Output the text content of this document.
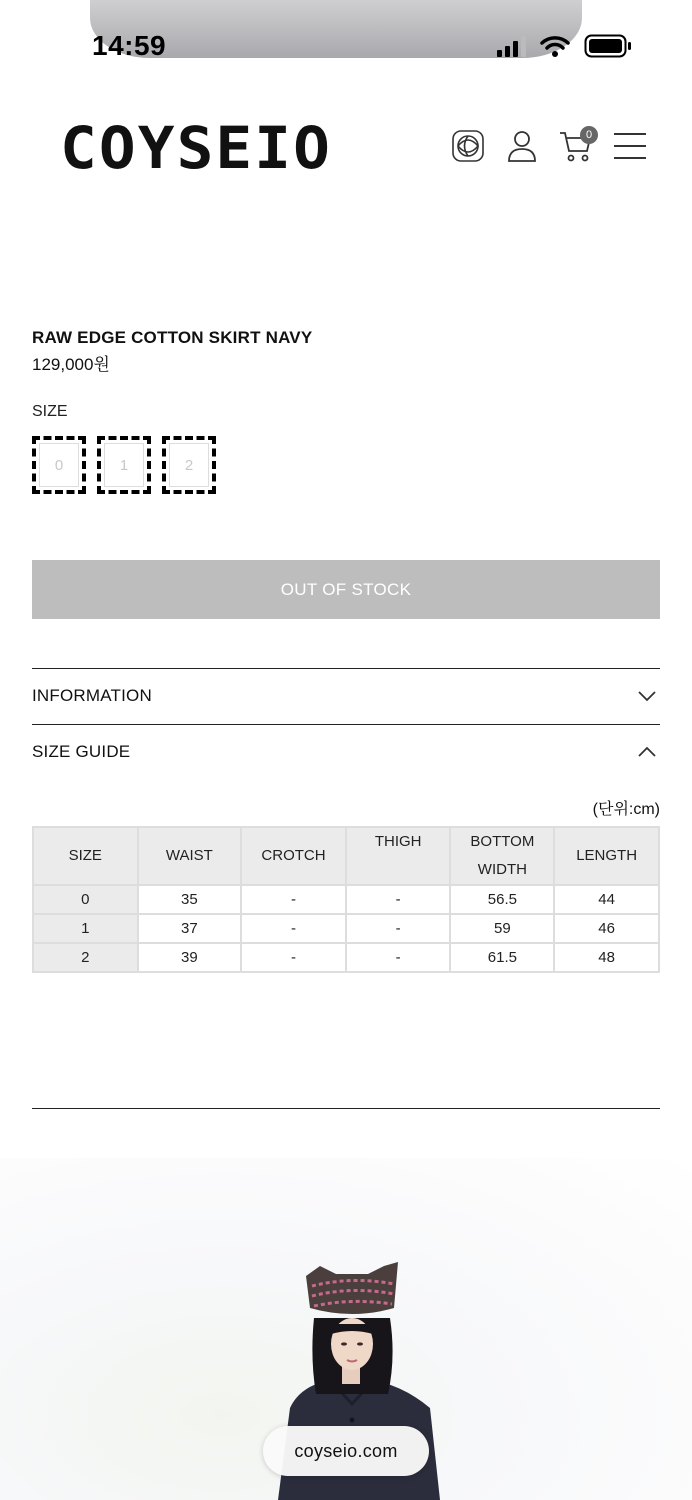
14:59
COYSEIO	0
RAW EDGE COTTON SKIRT NAVY
129,000원
SIZE
0	1	2
OUT OF STOCK
INFORMATION
SIZE GUIDE
(단위:cm)
SIZE	WAIST	CROTCH	THIGH	BOTTOM WIDTH	LENGTH
0	35	-	-	56.5	44
1	37	-	-	59	46
2	39	-	-	61.5	48
coyseio.com
